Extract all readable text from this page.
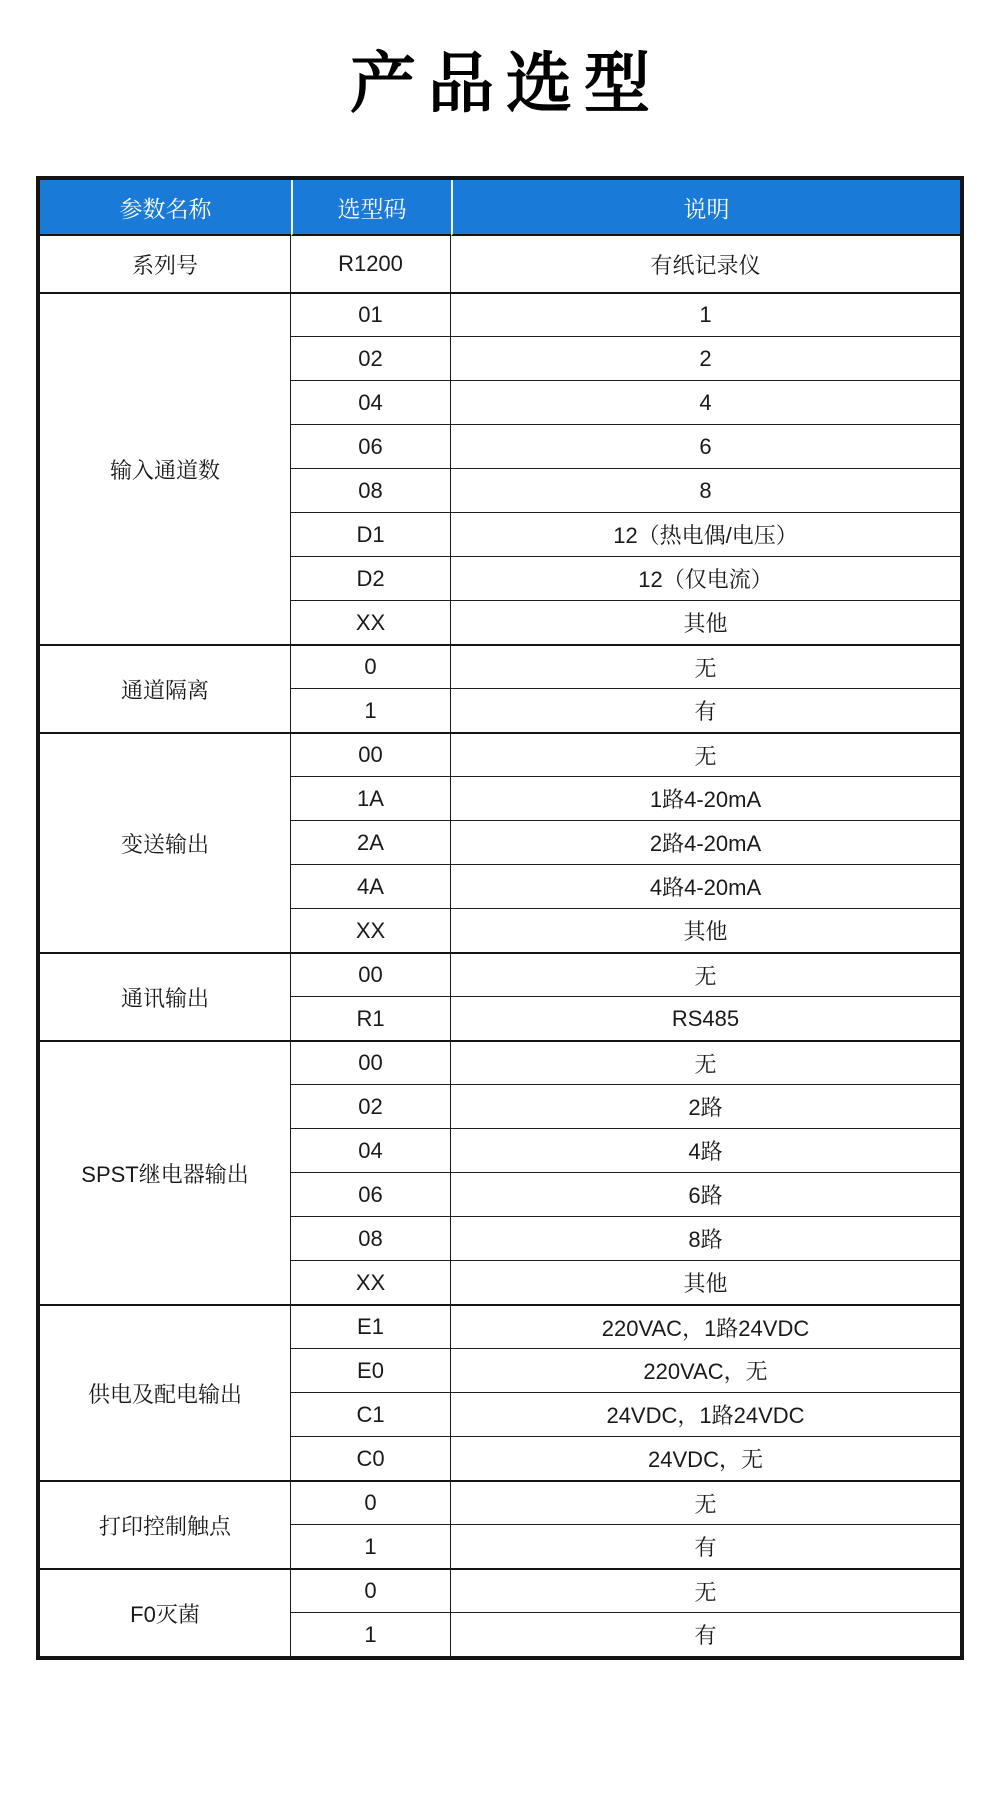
产品选型
参数名称	选型码	说明
系列号	R1200	有纸记录仪
输入通道数	01	1
	02	2
	04	4
	06	6
	08	8
	D1	12（热电偶/电压）
	D2	12（仅电流）
	XX	其他
通道隔离	0	无
	1	有
变送输出	00	无
	1A	1路4-20mA
	2A	2路4-20mA
	4A	4路4-20mA
	XX	其他
通讯输出	00	无
	R1	RS485
SPST继电器输出	00	无
	02	2路
	04	4路
	06	6路
	08	8路
	XX	其他
供电及配电输出	E1	220VAC，1路24VDC
	E0	220VAC，无
	C1	24VDC，1路24VDC
	C0	24VDC，无
打印控制触点	0	无
	1	有
F0灭菌	0	无
	1	有
